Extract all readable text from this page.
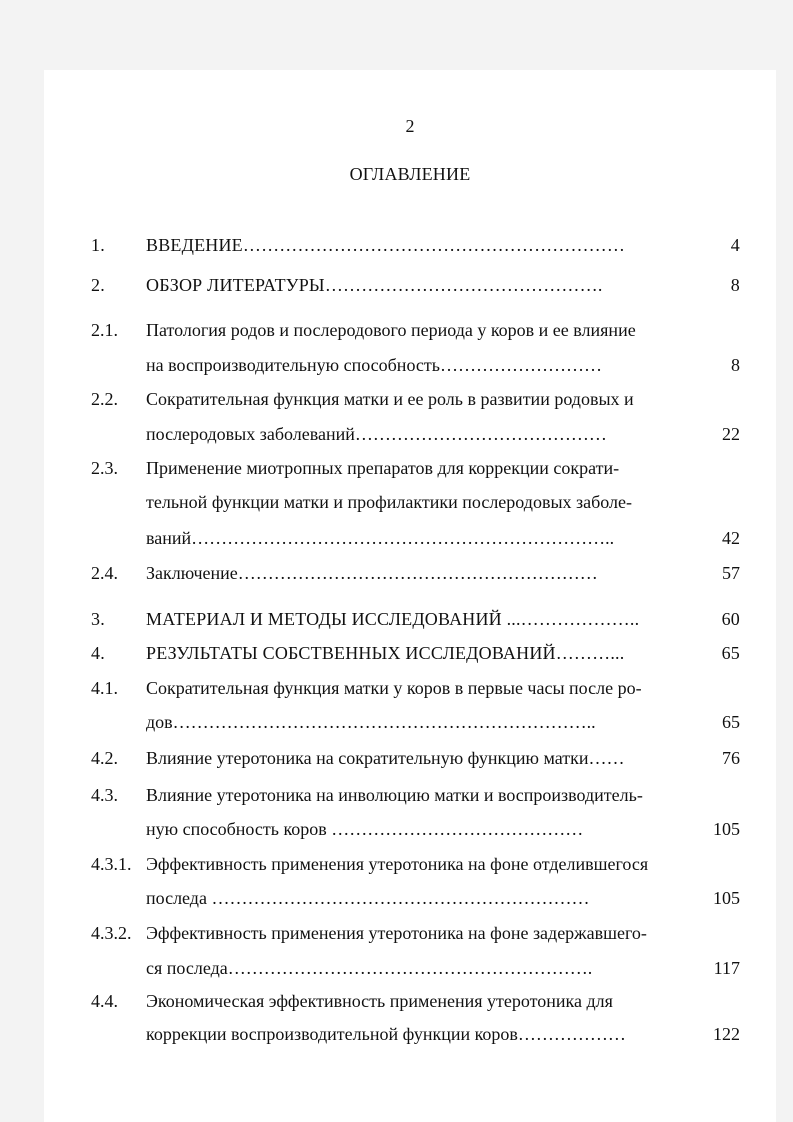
2
ОГЛАВЛЕНИЕ
1. ВВЕДЕНИЕ………………………………………………………	4
2. ОБЗОР ЛИТЕРАТУРЫ……………………………………….	8
2.1. Патология родов и послеродового периода у коров и ее влияние
на воспроизводительную способность………………………	8
2.2. Сократительная функция матки и ее роль в развитии родовых и
послеродовых заболеваний……………………………………	22
2.3. Применение миотропных препаратов для коррекции сократи-
тельной функции матки и профилактики послеродовых заболе-
ваний……………………………………………………………..	42
2.4. Заключение……………………………………………………	57
3. МАТЕРИАЛ И МЕТОДЫ ИССЛЕДОВАНИЙ ...………………..	60
4. РЕЗУЛЬТАТЫ СОБСТВЕННЫХ ИССЛЕДОВАНИЙ………...	65
4.1. Сократительная функция матки у коров в первые часы после ро-
дов……………………………………………………………..	65
4.2. Влияние утеротоника на сократительную функцию матки……	76
4.3. Влияние утеротоника на инволюцию матки и воспроизводитель-
ную способность коров ……………………………………	105
4.3.1. Эффективность применения утеротоника на фоне отделившегося
последа ………………………………………………………	105
4.3.2. Эффективность применения утеротоника на фоне задержавшего-
ся последа…………………………………………………….	117
4.4. Экономическая эффективность применения утеротоника для
коррекции воспроизводительной функции коров………………	122
